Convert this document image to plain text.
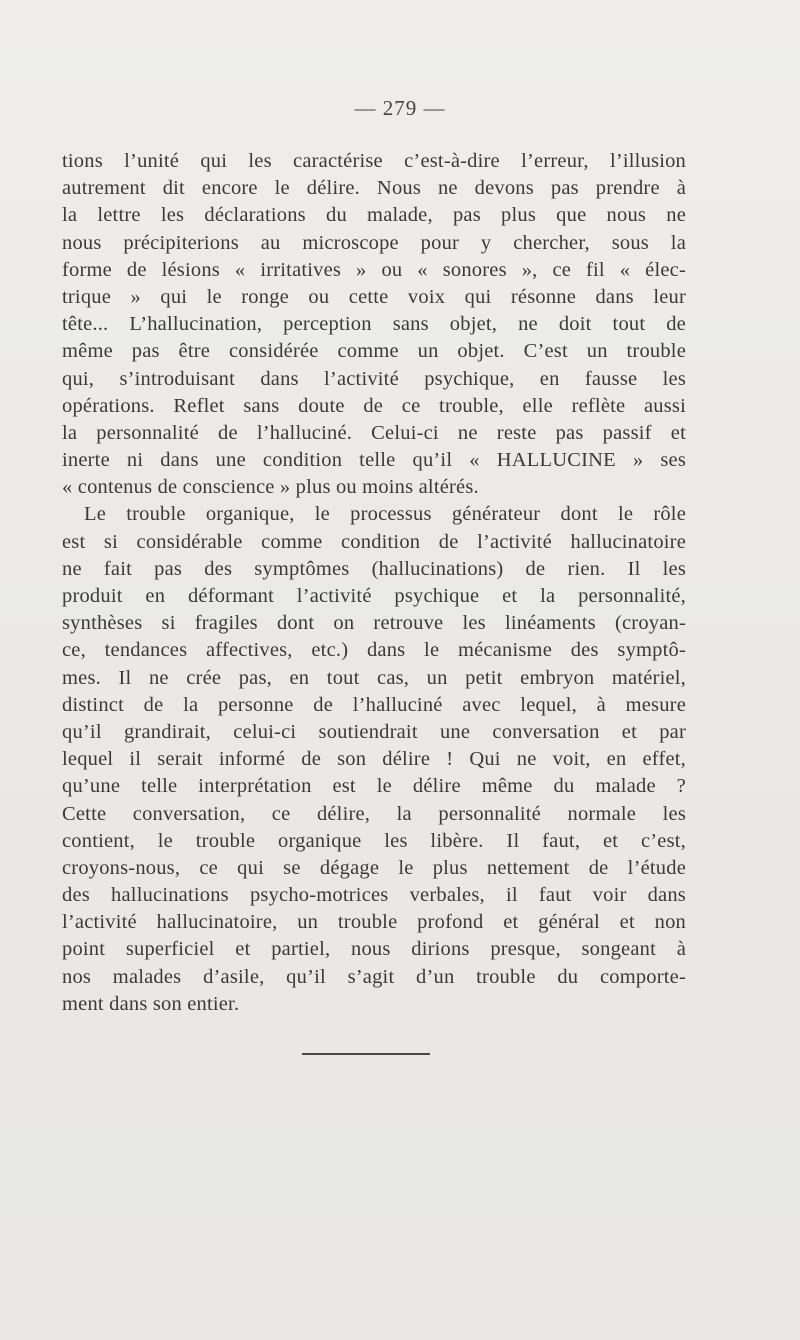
— 279 —
tions l’unité qui les caractérise c’est-à-dire l’erreur, l’illusion
autrement dit encore le délire. Nous ne devons pas prendre à
la lettre les déclarations du malade, pas plus que nous ne
nous précipiterions au microscope pour y chercher, sous la
forme de lésions « irritatives » ou « sonores », ce fil « élec-
trique » qui le ronge ou cette voix qui résonne dans leur
tête... L’hallucination, perception sans objet, ne doit tout de
même pas être considérée comme un objet. C’est un trouble
qui, s’introduisant dans l’activité psychique, en fausse les
opérations. Reflet sans doute de ce trouble, elle reflète aussi
la personnalité de l’halluciné. Celui-ci ne reste pas passif et
inerte ni dans une condition telle qu’il « HALLUCINE » ses
« contenus de conscience » plus ou moins altérés.
Le trouble organique, le processus générateur dont le rôle
est si considérable comme condition de l’activité hallucinatoire
ne fait pas des symptômes (hallucinations) de rien. Il les
produit en déformant l’activité psychique et la personnalité,
synthèses si fragiles dont on retrouve les linéaments (croyan-
ce, tendances affectives, etc.) dans le mécanisme des symptô-
mes. Il ne crée pas, en tout cas, un petit embryon matériel,
distinct de la personne de l’halluciné avec lequel, à mesure
qu’il grandirait, celui-ci soutiendrait une conversation et par
lequel il serait informé de son délire ! Qui ne voit, en effet,
qu’une telle interprétation est le délire même du malade ?
Cette conversation, ce délire, la personnalité normale les
contient, le trouble organique les libère. Il faut, et c’est,
croyons-nous, ce qui se dégage le plus nettement de l’étude
des hallucinations psycho-motrices verbales, il faut voir dans
l’activité hallucinatoire, un trouble profond et général et non
point superficiel et partiel, nous dirions presque, songeant à
nos malades d’asile, qu’il s’agit d’un trouble du comporte-
ment dans son entier.
